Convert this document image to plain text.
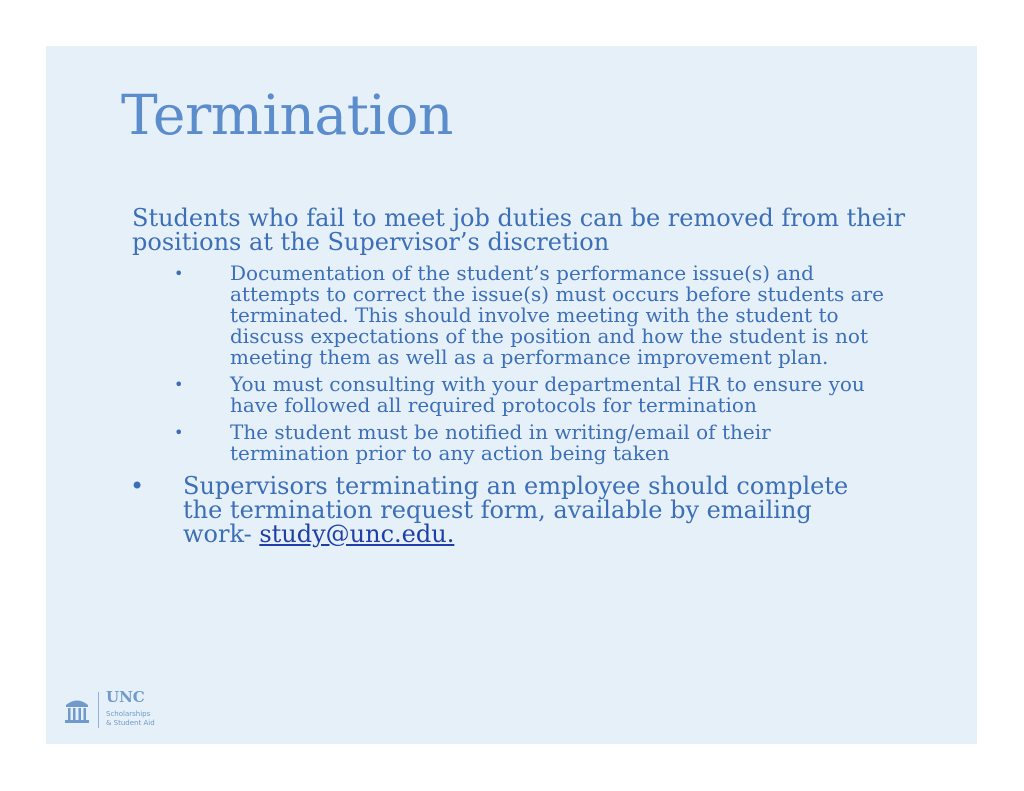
Termination

Students who fail to meet job duties can be removed from their positions at the Supervisor’s discretion

• Documentation of the student’s performance issue(s) and attempts to correct the issue(s) must occurs before students are terminated. This should involve meeting with the student to discuss expectations of the position and how the student is not meeting them as well as a performance improvement plan.
• You must consulting with your departmental HR to ensure you have followed all required protocols for termination
• The student must be notified in writing/email of their termination prior to any action being taken
• Supervisors terminating an employee should complete the termination request form, available by emailing work- study@unc.edu.
UNC
Scholarships
& Student Aid
